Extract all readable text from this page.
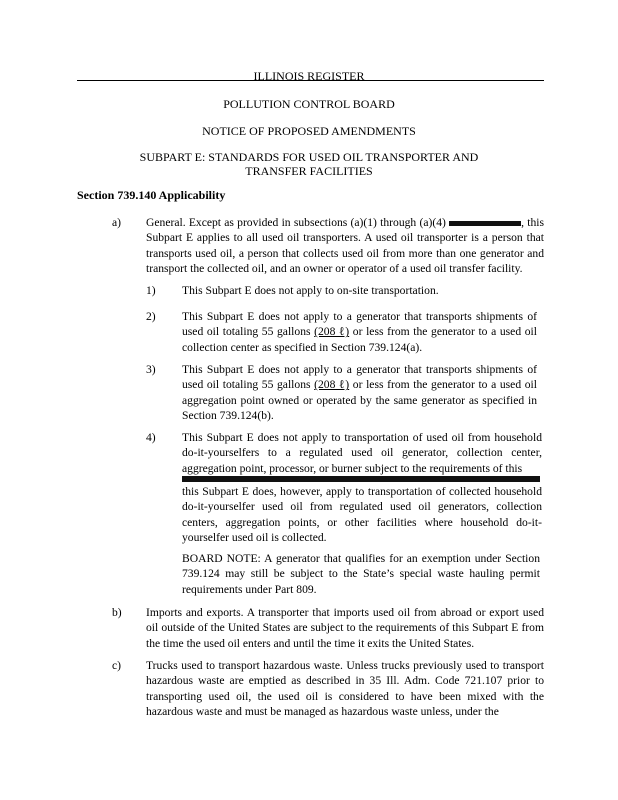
ILLINOIS REGISTER
POLLUTION CONTROL BOARD
NOTICE OF PROPOSED AMENDMENTS
SUBPART E: STANDARDS FOR USED OIL TRANSPORTER AND
TRANSFER FACILITIES
Section 739.140 Applicability
a) General. Except as provided in subsections (a)(1) through (a)(4)	, this Subpart E applies to all used oil transporters. A used oil transporter is a person that transports used oil, a person that collects used oil from more than one generator and transport the collected oil, and an owner or operator of a used oil transfer facility.
1) This Subpart E does not apply to on-site transportation.
2) This Subpart E does not apply to a generator that transports shipments of used oil totaling 55 gallons (208 ℓ) or less from the generator to a used oil collection center as specified in Section 739.124(a).
3) This Subpart E does not apply to a generator that transports shipments of used oil totaling 55 gallons (208 ℓ) or less from the generator to a used oil aggregation point owned or operated by the same generator as specified in Section 739.124(b).
4) This Subpart E does not apply to transportation of used oil from household do-it-yourselfers to a regulated used oil generator, collection center, aggregation point, processor, or burner subject to the requirements of this
this Subpart E does, however, apply to transportation of collected household do-it-yourselfer used oil from regulated used oil generators, collection centers, aggregation points, or other facilities where household do-it-yourselfer used oil is collected.
BOARD NOTE: A generator that qualifies for an exemption under Section 739.124 may still be subject to the State’s special waste hauling permit requirements under Part 809.
b) Imports and exports. A transporter that imports used oil from abroad or export used oil outside of the United States are subject to the requirements of this Subpart E from the time the used oil enters and until the time it exits the United States.
c) Trucks used to transport hazardous waste. Unless trucks previously used to transport hazardous waste are emptied as described in 35 Ill. Adm. Code 721.107 prior to transporting used oil, the used oil is considered to have been mixed with the hazardous waste and must be managed as hazardous waste unless, under the
